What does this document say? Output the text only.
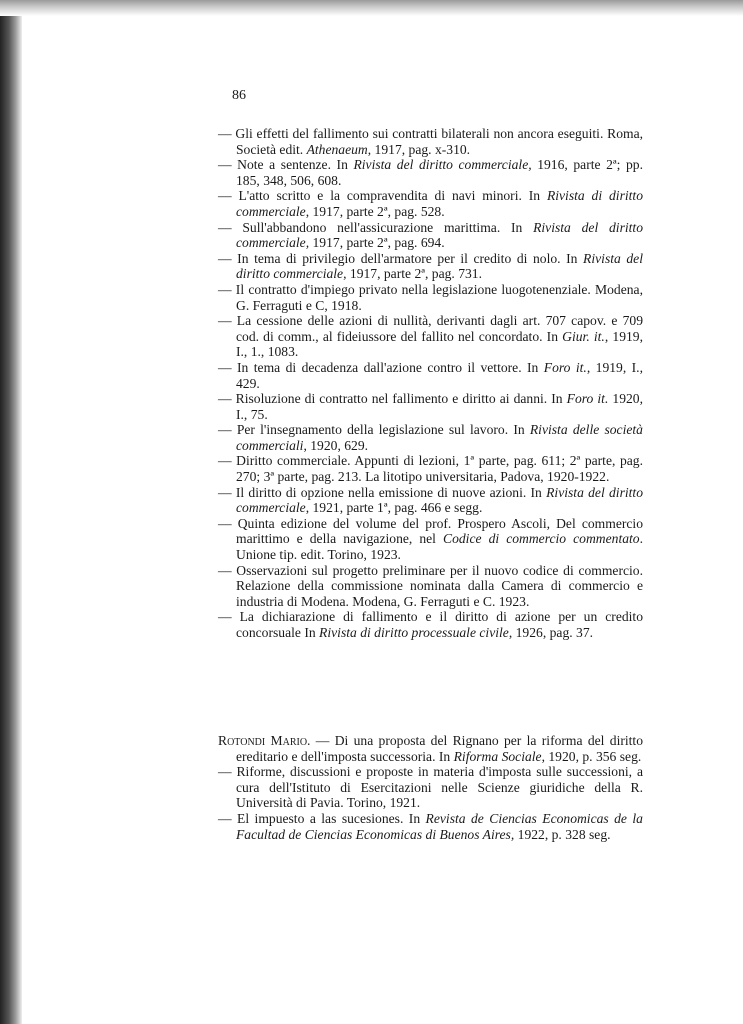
86

— Gli effetti del fallimento sui contratti bilaterali non ancora eseguiti. Roma, Società edit. Athenaeum, 1917, pag. x-310.

— Note a sentenze. In Rivista del diritto commerciale, 1916, parte 2ª; pp. 185, 348, 506, 608.

— L'atto scritto e la compravendita di navi minori. In Rivista di diritto commerciale, 1917, parte 2ª, pag. 528.

— Sull'abbandono nell'assicurazione marittima. In Rivista del diritto commerciale, 1917, parte 2ª, pag. 694.

— In tema di privilegio dell'armatore per il credito di nolo. In Rivista del diritto commerciale, 1917, parte 2ª, pag. 731.

— Il contratto d'impiego privato nella legislazione luogotenenziale. Modena, G. Ferraguti e C, 1918.

— La cessione delle azioni di nullità, derivanti dagli art. 707 capov. e 709 cod. di comm., al fideiussore del fallito nel concordato. In Giur. it., 1919, I., 1., 1083.

— In tema di decadenza dall'azione contro il vettore. In Foro it., 1919, I., 429.

— Risoluzione di contratto nel fallimento e diritto ai danni. In Foro it. 1920, I., 75.

— Per l'insegnamento della legislazione sul lavoro. In Rivista delle società commerciali, 1920, 629.

— Diritto commerciale. Appunti di lezioni, 1ª parte, pag. 611; 2ª parte, pag. 270; 3ª parte, pag. 213. La litotipo universitaria, Padova, 1920-1922.

— Il diritto di opzione nella emissione di nuove azioni. In Rivista del diritto commerciale, 1921, parte 1ª, pag. 466 e segg.

— Quinta edizione del volume del prof. Prospero Ascoli, Del commercio marittimo e della navigazione, nel Codice di commercio commentato. Unione tip. edit. Torino, 1923.

— Osservazioni sul progetto preliminare per il nuovo codice di commercio. Relazione della commissione nominata dalla Camera di commercio e industria di Modena. Modena, G. Ferraguti e C. 1923.

— La dichiarazione di fallimento e il diritto di azione per un credito concorsuale In Rivista di diritto processuale civile, 1926, pag. 37.

Rotondi Mario. — Di una proposta del Rignano per la riforma del diritto ereditario e dell'imposta successoria. In Riforma Sociale, 1920, p. 356 seg.

— Riforme, discussioni e proposte in materia d'imposta sulle successioni, a cura dell'Istituto di Esercitazioni nelle Scienze giuridiche della R. Università di Pavia. Torino, 1921.

— El impuesto a las sucesiones. In Revista de Ciencias Economicas de la Facultad de Ciencias Economicas di Buenos Aires, 1922, p. 328 seg.
